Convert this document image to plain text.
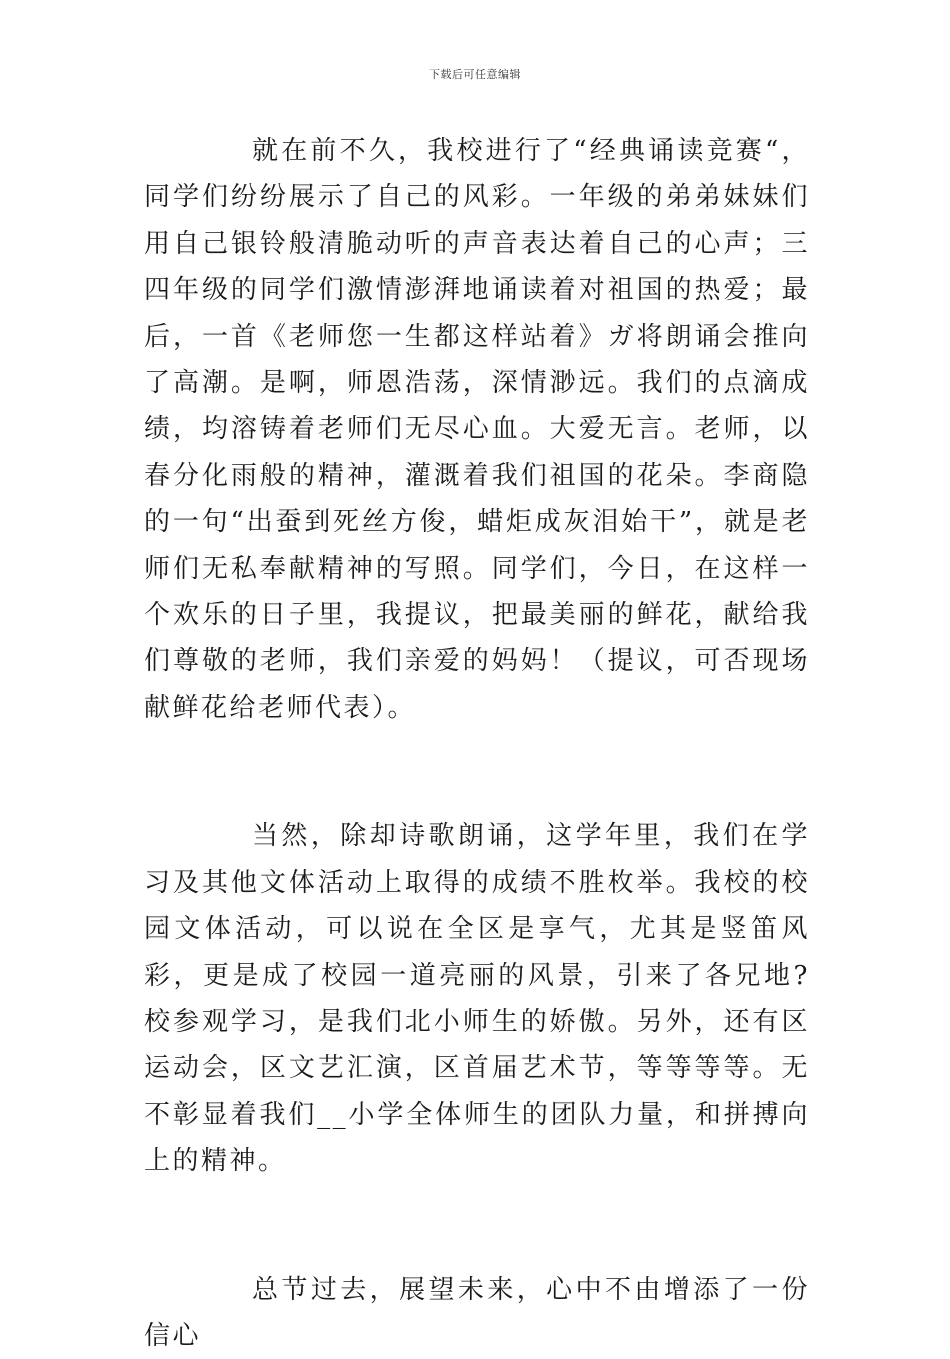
下载后可任意编辑

就在前不久，我校进行了“经典诵读竞赛“，同学们纷纷展示了自己的风彩。一年级的弟弟妹妹们用自己银铃般清脆动听的声音表达着自己的心声；三四年级的同学们激情澎湃地诵读着对祖国的热爱；最后，一首《老师您一生都这样站着》ガ将朗诵会推向了高潮。是啊，师恩浩荡，深情渺远。我们的点滴成绩，均溶铸着老师们无尽心血。大爱无言。老师，以春分化雨般的精神，灌溉着我们祖国的花朵。李商隐的一句“出蚕到死丝方俊，蜡炬成灰泪始干”，就是老师们无私奉献精神的写照。同学们，今日，在这样一个欢乐的日子里，我提议，把最美丽的鲜花，献给我们尊敬的老师，我们亲爱的妈妈！（提议，可否现场献鲜花给老师代表）。

当然，除却诗歌朗诵，这学年里，我们在学习及其他文体活动上取得的成绩不胜枚举。我校的校园文体活动，可以说在全区是享气，尤其是竖笛风彩，更是成了校园一道亮丽的风景，引来了各兄地?校参观学习，是我们北小师生的娇傲。另外，还有区运动会，区文艺汇演，区首届艺术节，等等等等。无不彰显着我们__小学全体师生的团队力量，和拼搏向上的精神。

总节过去，展望未来，心中不由增添了一份信心
